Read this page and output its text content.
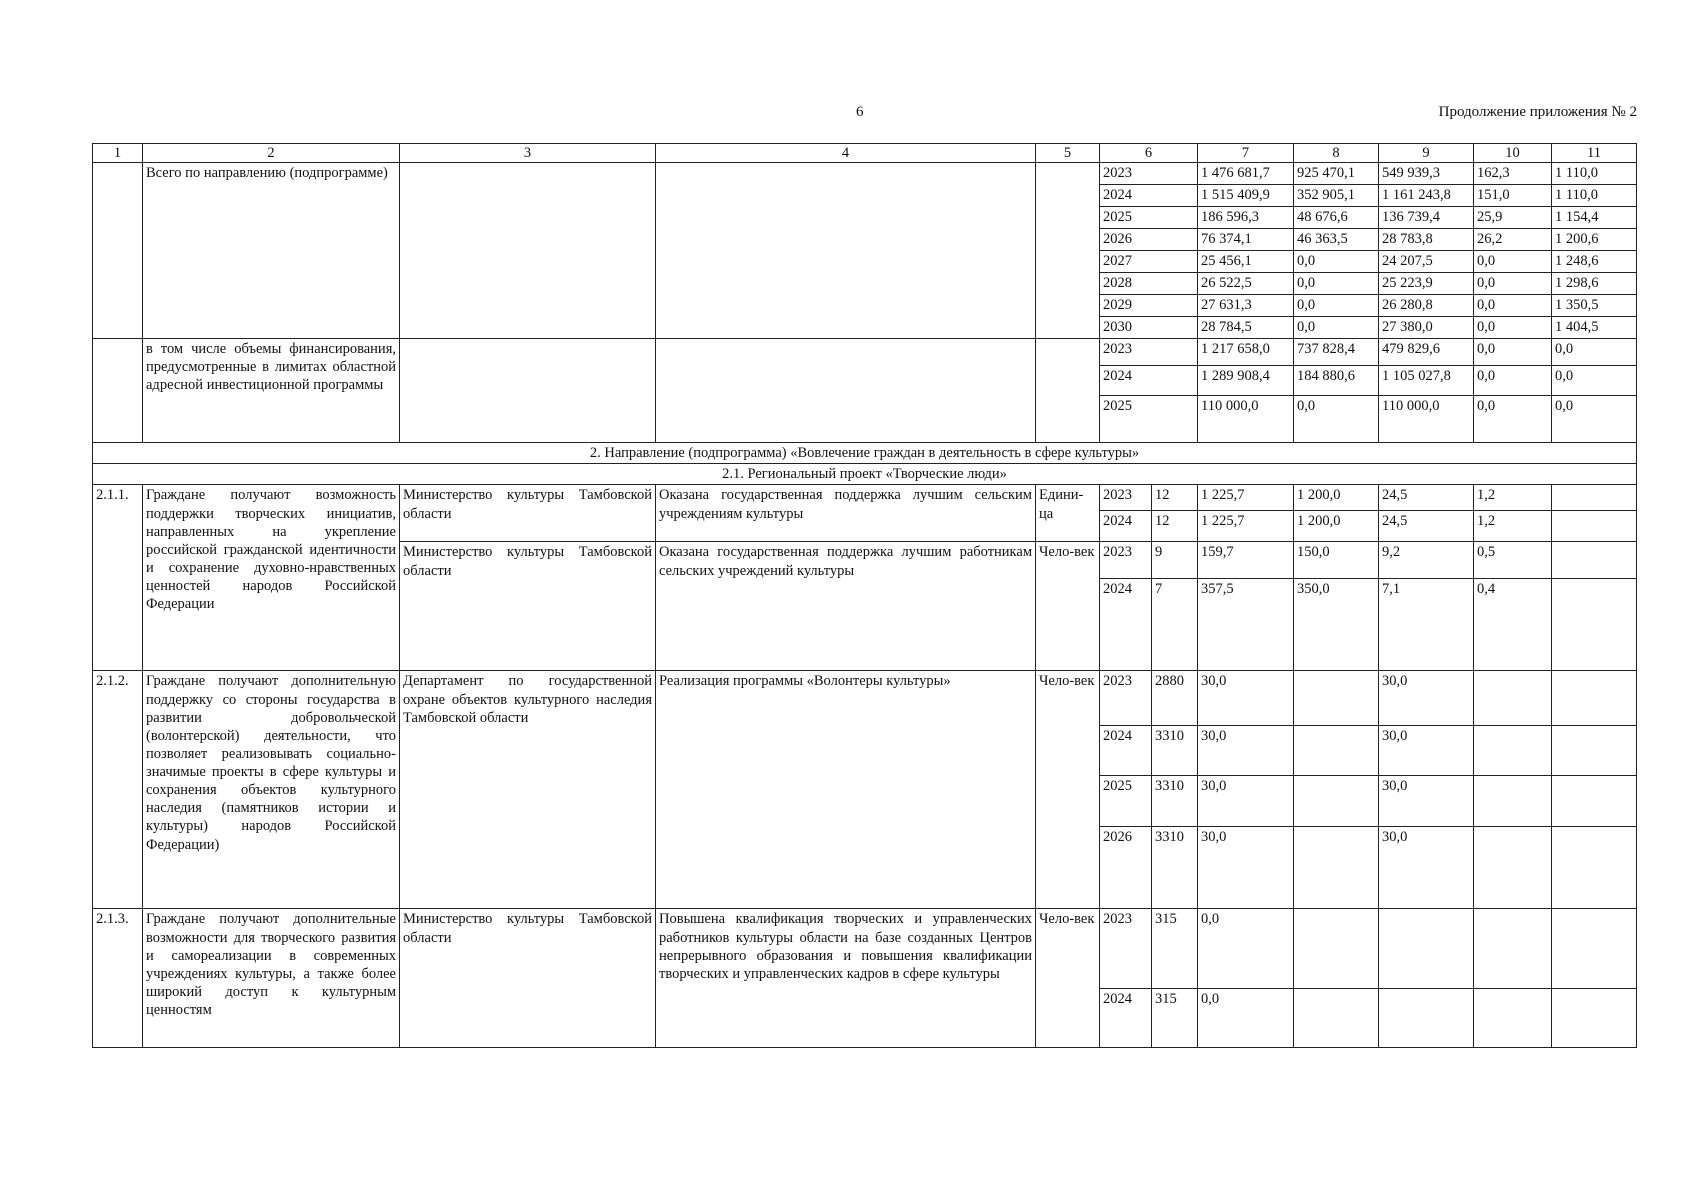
6	Продолжение приложения № 2
1	2	3	4	5	6		7	8	9	10	11
	Всего по направлению (подпрограмме)				2023		1 476 681,7	925 470,1	549 939,3	162,3	1 110,0
					2024		1 515 409,9	352 905,1	1 161 243,8	151,0	1 110,0
					2025		186 596,3	48 676,6	136 739,4	25,9	1 154,4
					2026		76 374,1	46 363,5	28 783,8	26,2	1 200,6
					2027		25 456,1	0,0	24 207,5	0,0	1 248,6
					2028		26 522,5	0,0	25 223,9	0,0	1 298,6
					2029		27 631,3	0,0	26 280,8	0,0	1 350,5
					2030		28 784,5	0,0	27 380,0	0,0	1 404,5
	в том числе объемы финансирования, предусмотренные в лимитах областной адресной инвестиционной программы				2023		1 217 658,0	737 828,4	479 829,6	0,0	0,0
					2024		1 289 908,4	184 880,6	1 105 027,8	0,0	0,0
					2025		110 000,0	0,0	110 000,0	0,0	0,0
2. Направление (подпрограмма) «Вовлечение граждан в деятельность в сфере культуры»											
2.1. Региональный проект «Творческие люди»											
2.1.1.	Граждане получают возможность поддержки творческих инициатив, направленных на укрепление российской гражданской идентичности и сохранение духовно-нравственных ценностей народов Российской Федерации	Министерство культуры Тамбовской области	Оказана государственная поддержка лучшим сельским учреждениям культуры	Едини-ца	2023	12	1 225,7	1 200,0	24,5	1,2	
					2024	12	1 225,7	1 200,0	24,5	1,2	
		Министерство культуры Тамбовской области	Оказана государственная поддержка лучшим работникам сельских учреждений культуры	Чело-век	2023	9	159,7	150,0	9,2	0,5	
					2024	7	357,5	350,0	7,1	0,4	
2.1.2.	Граждане получают дополнительную поддержку со стороны государства в развитии добровольческой (волонтерской) деятельности, что позволяет реализовывать социально-значимые проекты в сфере культуры и сохранения объектов культурного наследия (памятников истории и культуры) народов Российской Федерации)	Департамент по государственной охране объектов культурного наследия Тамбовской области	Реализация программы «Волонтеры культуры»	Чело-век	2023	2880	30,0		30,0		
					2024	3310	30,0		30,0		
					2025	3310	30,0		30,0		
					2026	3310	30,0		30,0		
2.1.3.	Граждане получают дополнительные возможности для творческого развития и самореализации в современных учреждениях культуры, а также более широкий доступ к культурным ценностям	Министерство культуры Тамбовской области	Повышена квалификация творческих и управленческих работников культуры области на базе созданных Центров непрерывного образования и повышения квалификации творческих и управленческих кадров в сфере культуры	Чело-век	2023	315	0,0				
					2024	315	0,0				
